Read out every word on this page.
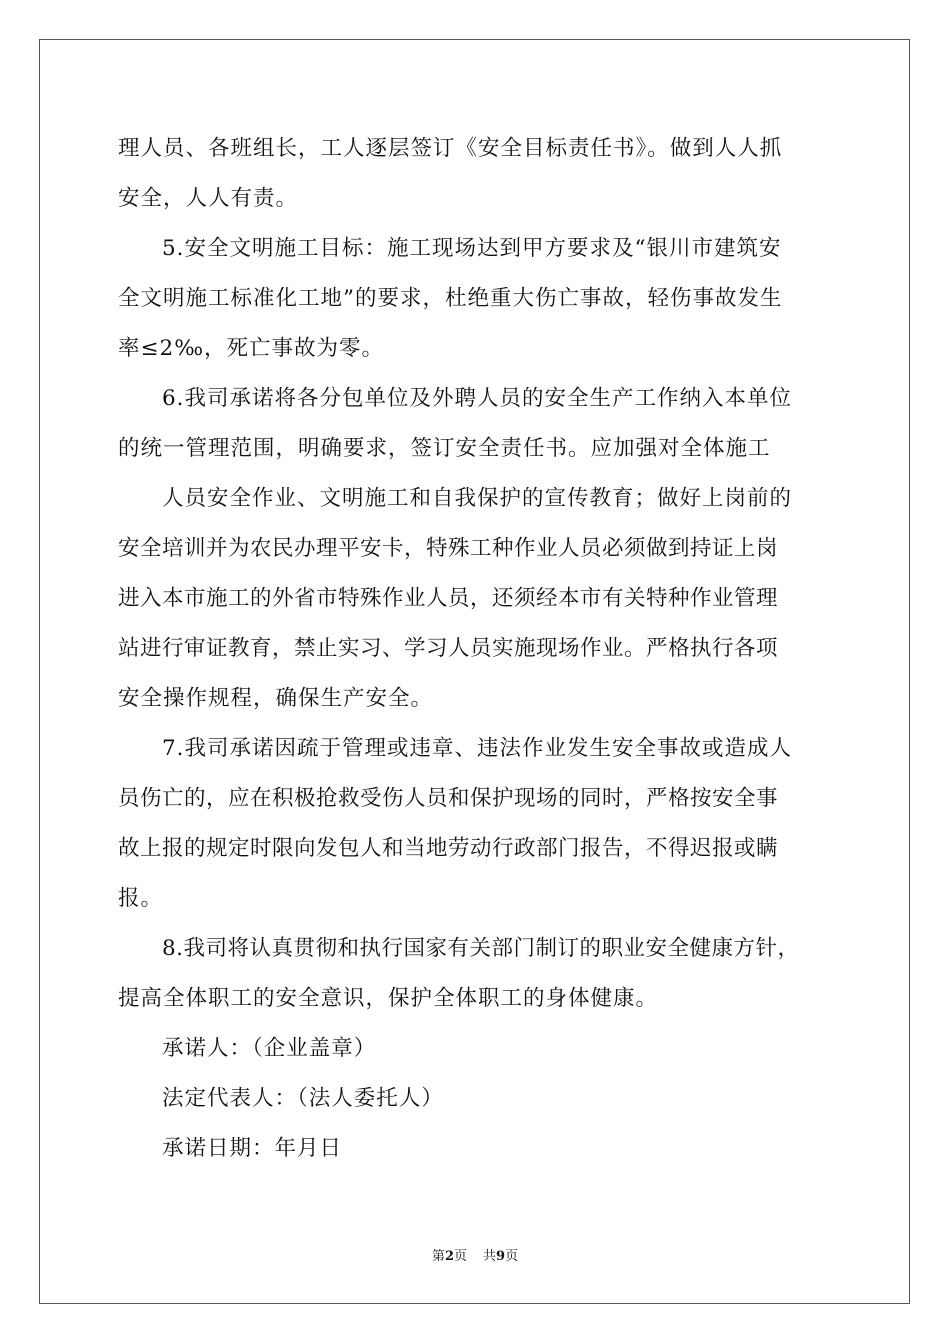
理人员、各班组长，工人逐层签订《安全目标责任书》。做到人人抓

安全，人人有责。

5.安全文明施工目标：施工现场达到甲方要求及“银川市建筑安

全文明施工标准化工地”的要求，杜绝重大伤亡事故，轻伤事故发生

率≤2‰，死亡事故为零。

6.我司承诺将各分包单位及外聘人员的安全生产工作纳入本单位

的统一管理范围，明确要求，签订安全责任书。应加强对全体施工

人员安全作业、文明施工和自我保护的宣传教育；做好上岗前的

安全培训并为农民办理平安卡，特殊工种作业人员必须做到持证上岗

进入本市施工的外省市特殊作业人员，还须经本市有关特种作业管理

站进行审证教育，禁止实习、学习人员实施现场作业。严格执行各项

安全操作规程，确保生产安全。

7.我司承诺因疏于管理或违章、违法作业发生安全事故或造成人

员伤亡的，应在积极抢救受伤人员和保护现场的同时，严格按安全事

故上报的规定时限向发包人和当地劳动行政部门报告，不得迟报或瞒

报。

8.我司将认真贯彻和执行国家有关部门制订的职业安全健康方针，

提高全体职工的安全意识，保护全体职工的身体健康。

承诺人：（企业盖章）

法定代表人：（法人委托人）

承诺日期：年月日

第2页 共9页
